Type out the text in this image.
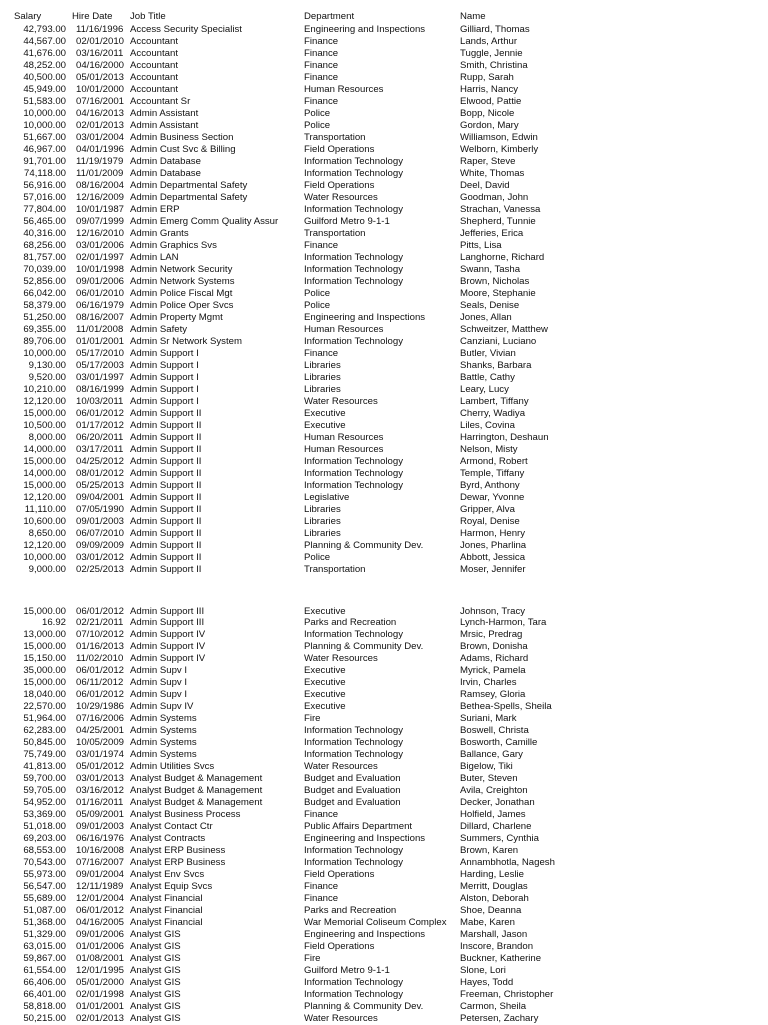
Salary	Hire Date	Job Title	Department	Name
42,793.00 11/16/1996 Access Security Specialist	Engineering and Inspections	Gilliard, Thomas
44,567.00 02/01/2010 Accountant	Finance	Lands, Arthur
41,676.00 03/16/2011 Accountant	Finance	Tuggle, Jennie
48,252.00 04/16/2000 Accountant	Finance	Smith, Christina
40,500.00 05/01/2013 Accountant	Finance	Rupp, Sarah
45,949.00 10/01/2000 Accountant	Human Resources	Harris, Nancy
51,583.00 07/16/2001 Accountant Sr	Finance	Elwood, Pattie
10,000.00 04/16/2013 Admin Assistant	Police	Bopp, Nicole
10,000.00 02/01/2013 Admin Assistant	Police	Gordon, Mary
51,667.00 03/01/2004 Admin Business Section	Transportation	Williamson, Edwin
46,967.00 04/01/1996 Admin Cust Svc & Billing	Field Operations	Welborn, Kimberly
91,701.00 11/19/1979 Admin Database	Information Technology	Raper, Steve
74,118.00 11/01/2009 Admin Database	Information Technology	White, Thomas
56,916.00 08/16/2004 Admin Departmental Safety	Field Operations	Deel, David
57,016.00 12/16/2009 Admin Departmental Safety	Water Resources	Goodman, John
77,804.00 10/01/1987 Admin ERP	Information Technology	Strachan, Vanessa
56,465.00 09/07/1999 Admin Emerg Comm Quality Assur	Guilford Metro 9-1-1	Shepherd, Tunnie
40,316.00 12/16/2010 Admin Grants	Transportation	Jefferies, Erica
68,256.00 03/01/2006 Admin Graphics Svs	Finance	Pitts, Lisa
81,757.00 02/01/1997 Admin LAN	Information Technology	Langhorne, Richard
70,039.00 10/01/1998 Admin Network Security	Information Technology	Swann, Tasha
52,856.00 09/01/2006 Admin Network Systems	Information Technology	Brown, Nicholas
66,042.00 06/01/2010 Admin Police Fiscal Mgt	Police	Moore, Stephanie
58,379.00 06/16/1979 Admin Police Oper Svcs	Police	Seals, Denise
51,250.00 08/16/2007 Admin Property Mgmt	Engineering and Inspections	Jones, Allan
69,355.00 11/01/2008 Admin Safety	Human Resources	Schweitzer, Matthew
89,706.00 01/01/2001 Admin Sr Network System	Information Technology	Canziani, Luciano
10,000.00 05/17/2010 Admin Support I	Finance	Butler, Vivian
9,130.00 05/17/2003 Admin Support I	Libraries	Shanks, Barbara
9,520.00 03/01/1997 Admin Support I	Libraries	Battle, Cathy
10,210.00 08/16/1999 Admin Support I	Libraries	Leary, Lucy
12,120.00 10/03/2011 Admin Support I	Water Resources	Lambert, Tiffany
15,000.00 06/01/2012 Admin Support II	Executive	Cherry, Wadiya
10,500.00 01/17/2012 Admin Support II	Executive	Liles, Covina
8,000.00 06/20/2011 Admin Support II	Human Resources	Harrington, Deshaun
14,000.00 03/17/2011 Admin Support II	Human Resources	Nelson, Misty
15,000.00 04/25/2012 Admin Support II	Information Technology	Armond, Robert
14,000.00 08/01/2012 Admin Support II	Information Technology	Temple, Tiffany
15,000.00 05/25/2013 Admin Support II	Information Technology	Byrd, Anthony
12,120.00 09/04/2001 Admin Support II	Legislative	Dewar, Yvonne
11,110.00 07/05/1990 Admin Support II	Libraries	Gripper, Alva
10,600.00 09/01/2003 Admin Support II	Libraries	Royal, Denise
8,650.00 06/07/2010 Admin Support II	Libraries	Harmon, Henry
12,120.00 09/09/2009 Admin Support II	Planning & Community Dev.	Jones, Pharlina
10,000.00 03/01/2012 Admin Support II	Police	Abbott, Jessica
9,000.00 02/25/2013 Admin Support II	Transportation	Moser, Jennifer
15,000.00 06/01/2012 Admin Support III	Executive	Johnson, Tracy
16.92 02/21/2011 Admin Support III	Parks and Recreation	Lynch-Harmon, Tara
13,000.00 07/10/2012 Admin Support IV	Information Technology	Mrsic, Predrag
15,000.00 01/16/2013 Admin Support IV	Planning & Community Dev.	Brown, Donisha
15,150.00 11/02/2010 Admin Support IV	Water Resources	Adams, Richard
35,000.00 06/01/2012 Admin Supv I	Executive	Myrick, Pamela
15,000.00 06/11/2012 Admin Supv I	Executive	Irvin, Charles
18,040.00 06/01/2012 Admin Supv I	Executive	Ramsey, Gloria
22,570.00 10/29/1986 Admin Supv IV	Executive	Bethea-Spells, Sheila
51,964.00 07/16/2006 Admin Systems	Fire	Suriani, Mark
62,283.00 04/25/2001 Admin Systems	Information Technology	Boswell, Christa
50,845.00 10/05/2009 Admin Systems	Information Technology	Bosworth, Camille
75,749.00 03/01/1974 Admin Systems	Information Technology	Ballance, Gary
41,813.00 05/01/2012 Admin Utilities Svcs	Water Resources	Bigelow, Tiki
59,700.00 03/01/2013 Analyst Budget & Management	Budget and Evaluation	Buter, Steven
59,705.00 03/16/2012 Analyst Budget & Management	Budget and Evaluation	Avila, Creighton
54,952.00 01/16/2011 Analyst Budget & Management	Budget and Evaluation	Decker, Jonathan
53,369.00 05/09/2001 Analyst Business Process	Finance	Holfield, James
51,018.00 09/01/2003 Analyst Contact Ctr	Public Affairs Department	Dillard, Charlene
69,203.00 06/16/1976 Analyst Contracts	Engineering and Inspections	Summers, Cynthia
68,553.00 10/16/2008 Analyst ERP Business	Information Technology	Brown, Karen
70,543.00 07/16/2007 Analyst ERP Business	Information Technology	Annambhotla, Nagesh
55,973.00 09/01/2004 Analyst Env Svcs	Field Operations	Harding, Leslie
56,547.00 12/11/1989 Analyst Equip Svcs	Finance	Merritt, Douglas
55,689.00 12/01/2004 Analyst Financial	Finance	Alston, Deborah
51,087.00 06/01/2012 Analyst Financial	Parks and Recreation	Shoe, Deanna
51,368.00 04/16/2005 Analyst Financial	War Memorial Coliseum Complex	Mabe, Karen
51,329.00 09/01/2006 Analyst GIS	Engineering and Inspections	Marshall, Jason
63,015.00 01/01/2006 Analyst GIS	Field Operations	Inscore, Brandon
59,867.00 01/08/2001 Analyst GIS	Fire	Buckner, Katherine
61,554.00 12/01/1995 Analyst GIS	Guilford Metro 9-1-1	Slone, Lori
66,406.00 05/01/2000 Analyst GIS	Information Technology	Hayes, Todd
66,401.00 02/01/1998 Analyst GIS	Information Technology	Freeman, Christopher
58,818.00 01/01/2001 Analyst GIS	Planning & Community Dev.	Carmon, Sheila
50,215.00 02/01/2013 Analyst GIS	Water Resources	Petersen, Zachary
